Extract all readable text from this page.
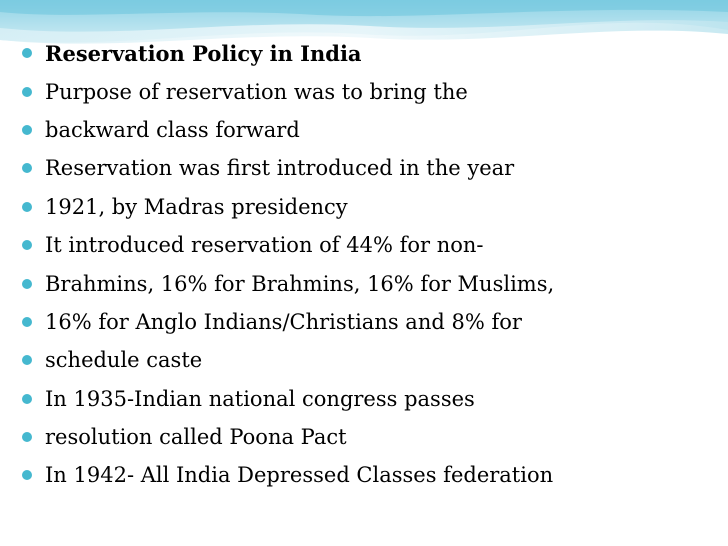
Reservation Policy in India
Purpose of reservation was to bring the
backward class forward
Reservation was first introduced in the year
1921, by Madras presidency
It introduced reservation of 44% for non-
Brahmins, 16% for Brahmins, 16% for Muslims,
16% for Anglo Indians/Christians and 8% for
schedule caste
In 1935-Indian national congress passes
resolution called Poona Pact
In 1942- All India Depressed Classes federation
